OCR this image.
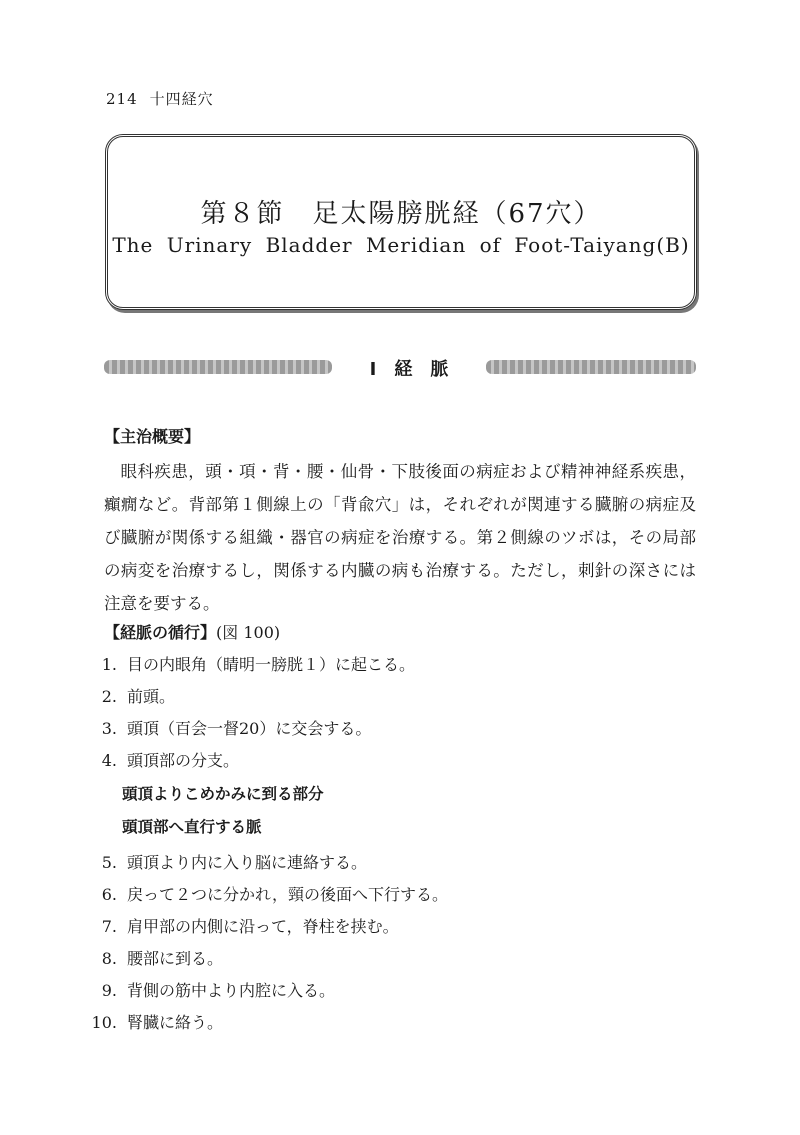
214 十四経穴
第８節　足太陽膀胱経（67穴）
The Urinary Bladder Meridian of Foot-Taiyang(B)
Ⅰ経脈
【主治概要】
眼科疾患，頭・項・背・腰・仙骨・下肢後面の病症および精神神経系疾患，癲癇など。背部第１側線上の「背兪穴」は，それぞれが関連する臓腑の病症及び臓腑が関係する組織・器官の病症を治療する。第２側線のツボは，その局部の病変を治療するし，関係する内臓の病も治療する。ただし，刺針の深さには注意を要する。
【経脈の循行】(図 100)
1. 目の内眼角（睛明一膀胱１）に起こる。
2. 前頭。
3. 頭頂（百会一督20）に交会する。
4. 頭頂部の分支。
頭頂よりこめかみに到る部分
頭頂部へ直行する脈
5. 頭頂より内に入り脳に連絡する。
6. 戻って２つに分かれ，頸の後面へ下行する。
7. 肩甲部の内側に沿って，脊柱を挟む。
8. 腰部に到る。
9. 背側の筋中より内腔に入る。
10. 腎臓に絡う。
